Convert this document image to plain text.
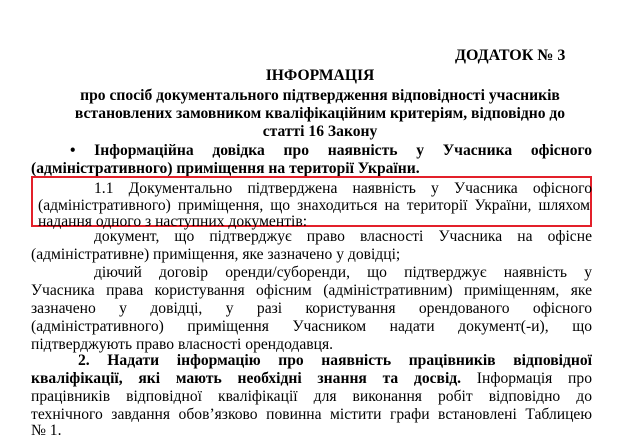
ДОДАТОК № 3
ІНФОРМАЦІЯ
про спосіб документального підтвердження відповідності учасників
встановлених замовником кваліфікаційним критеріям, відповідно до
статті 16 Закону
• Інформаційна довідка про наявність у Учасника офісного
(адміністративного) приміщення на території України.
1.1 Документально підтверджена наявність у Учасника офісного
(адміністративного) приміщення, що знаходиться на території України, шляхом
надання одного з наступних документів:
документ, що підтверджує право власності Учасника на офісне
(адміністративне) приміщення, яке зазначено у довідці;
діючий договір оренди/суборенди, що підтверджує наявність у
Учасника права користування офісним (адміністративним) приміщенням, яке
зазначено у довідці, у разі користування орендованого офісного
(адміністративного) приміщення Учасником надати документ(-и), що
підтверджують право власності орендодавця.
2. Надати інформацію про наявність працівників відповідної
кваліфікації, які мають необхідні знання та досвід. Інформація про
працівників відповідної кваліфікації для виконання робіт відповідно до
технічного завдання обов’язково повинна містити графи встановлені Таблицею
№ 1.
